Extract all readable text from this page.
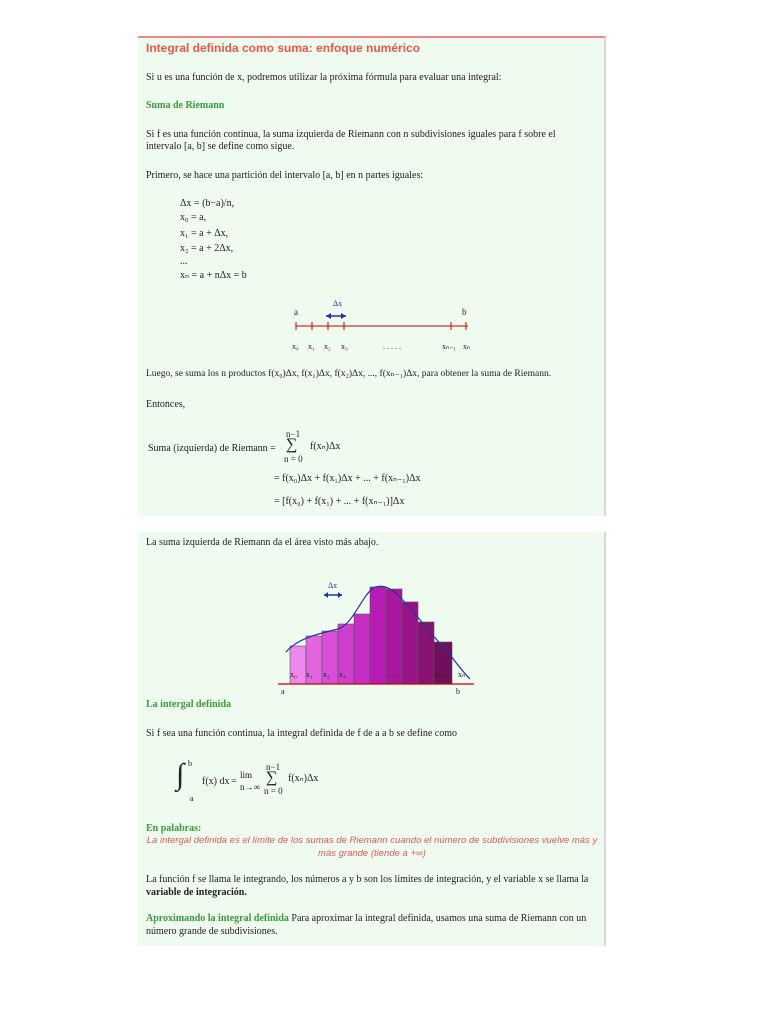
Integral definida como suma: enfoque numérico
Si u es una función de x, podremos utilizar la próxima fórmula para evaluar una integral:
Suma de Riemann
Si f es una función continua, la suma izquierda de Riemann con n subdivisiones iguales para f sobre el
intervalo [a, b] se define como sigue.
Primero, se hace una partición del intervalo [a, b] en n partes iguales:
Δx = (b−a)/n,
x₀ = a,
x₁ = a + Δx,
x₂ = a + 2Δx,
...
xₙ = a + nΔx = b
a	b
Δx
x₀ x₁ x₂ x₃	. . . . .	xₙ₋₁ xₙ
Luego, se suma los n productos f(x₀)Δx, f(x₁)Δx, f(x₂)Δx, ..., f(xₙ₋₁)Δx, para obtener la suma de Riemann.
Entonces,
Suma (izquierda) de Riemann =
n−1
∑
n = 0
f(xₙ)Δx
= f(x₀)Δx + f(x₁)Δx + ... + f(xₙ₋₁)Δx
= [f(x₀) + f(x₁) + ... + f(xₙ₋₁)]Δx
La suma izquierda de Riemann da el área visto más abajo.
Δx
a	b
x₀ x₁ x₂ x₃	. . . . .	xₙ₋₁ xₙ
La intergal definida
Si f sea una función continua, la integral definida de f de a a b se define como
b
∫
a
f(x) dx =
lim
n→∞
n−1
∑
n = 0
f(xₙ)Δx
En palabras:
La intergal definida es el límite de los sumas de Riemann cuando el número de subdivisiones vuelve más y más grande (tiende a +∞)
La función f se llama le integrando, los números a y b son los límites de integración, y el variable x se llama la
variable de integración.
Aproximando la integral definida Para aproximar la integral definida, usamos una suma de Riemann con un
número grande de subdivisiones.
